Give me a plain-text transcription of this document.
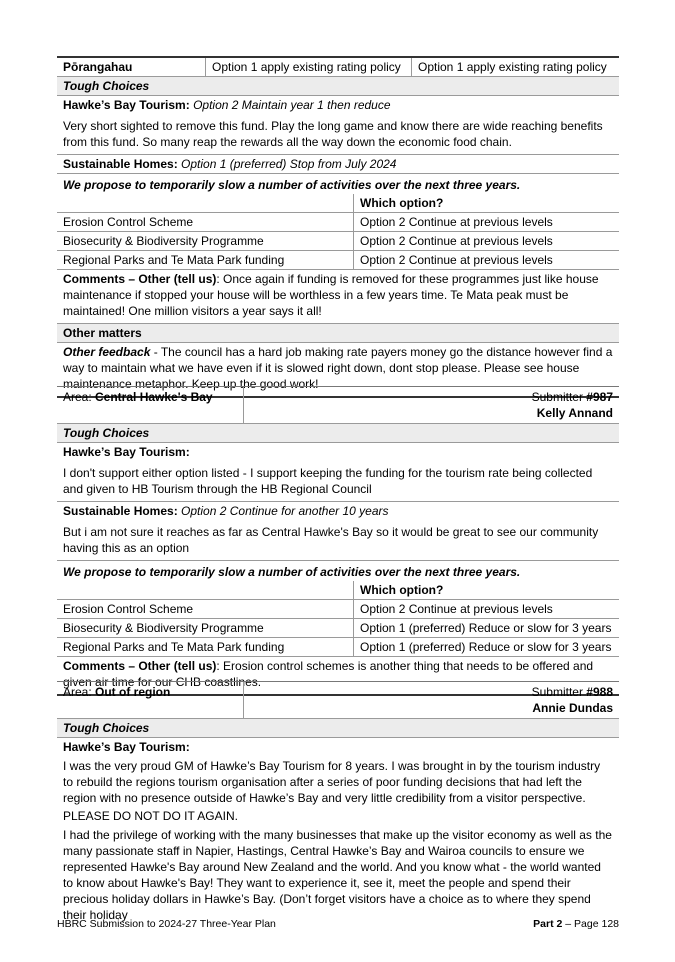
Pōrangahau	Option 1 apply existing rating policy	Option 1 apply existing rating policy
Tough Choices
Hawke’s Bay Tourism: Option 2 Maintain year 1 then reduce
Very short sighted to remove this fund. Play the long game and know there are wide reaching benefits from this fund. So many reap the rewards all the way down the economic food chain.
Sustainable Homes: Option 1 (preferred) Stop from July 2024
We propose to temporarily slow a number of activities over the next three years.
Which option?
Erosion Control Scheme	Option 2 Continue at previous levels
Biosecurity & Biodiversity Programme	Option 2 Continue at previous levels
Regional Parks and Te Mata Park funding	Option 2 Continue at previous levels
Comments – Other (tell us): Once again if funding is removed for these programmes just like house maintenance if stopped your house will be worthless in a few years time. Te Mata peak must be maintained! One million visitors a year says it all!
Other matters
Other feedback - The council has a hard job making rate payers money go the distance however find a way to maintain what we have even if it is slowed right down, dont stop please. Please see house maintenance metaphor. Keep up the good work!
Area: Central Hawke's Bay	Submitter #987
Kelly Annand
Tough Choices
Hawke’s Bay Tourism:
I don't support either option listed - I support keeping the funding for the tourism rate being collected and given to HB Tourism through the HB Regional Council
Sustainable Homes: Option 2 Continue for another 10 years
But i am not sure it reaches as far as Central Hawke's Bay so it would be great to see our community having this as an option
We propose to temporarily slow a number of activities over the next three years.
Which option?
Erosion Control Scheme	Option 2 Continue at previous levels
Biosecurity & Biodiversity Programme	Option 1 (preferred) Reduce or slow for 3 years
Regional Parks and Te Mata Park funding	Option 1 (preferred) Reduce or slow for 3 years
Comments – Other (tell us): Erosion control schemes is another thing that needs to be offered and given air time for our CHB coastlines.
Area: Out of region	Submitter #988
Annie Dundas
Tough Choices
Hawke’s Bay Tourism:
I was the very proud GM of Hawke’s Bay Tourism for 8 years. I was brought in by the tourism industry to rebuild the regions tourism organisation after a series of poor funding decisions that had left the region with no presence outside of Hawke’s Bay and very little credibility from a visitor perspective.
PLEASE DO NOT DO IT AGAIN.
I had the privilege of working with the many businesses that make up the visitor economy as well as the many passionate staff in Napier, Hastings, Central Hawke’s Bay and Wairoa councils to ensure we represented Hawke's Bay around New Zealand and the world. And you know what - the world wanted to know about Hawke's Bay! They want to experience it, see it, meet the people and spend their precious holiday dollars in Hawke’s Bay. (Don’t forget visitors have a choice as to where they spend their holiday
HBRC Submission to 2024-27 Three-Year Plan	Part 2 – Page 128
